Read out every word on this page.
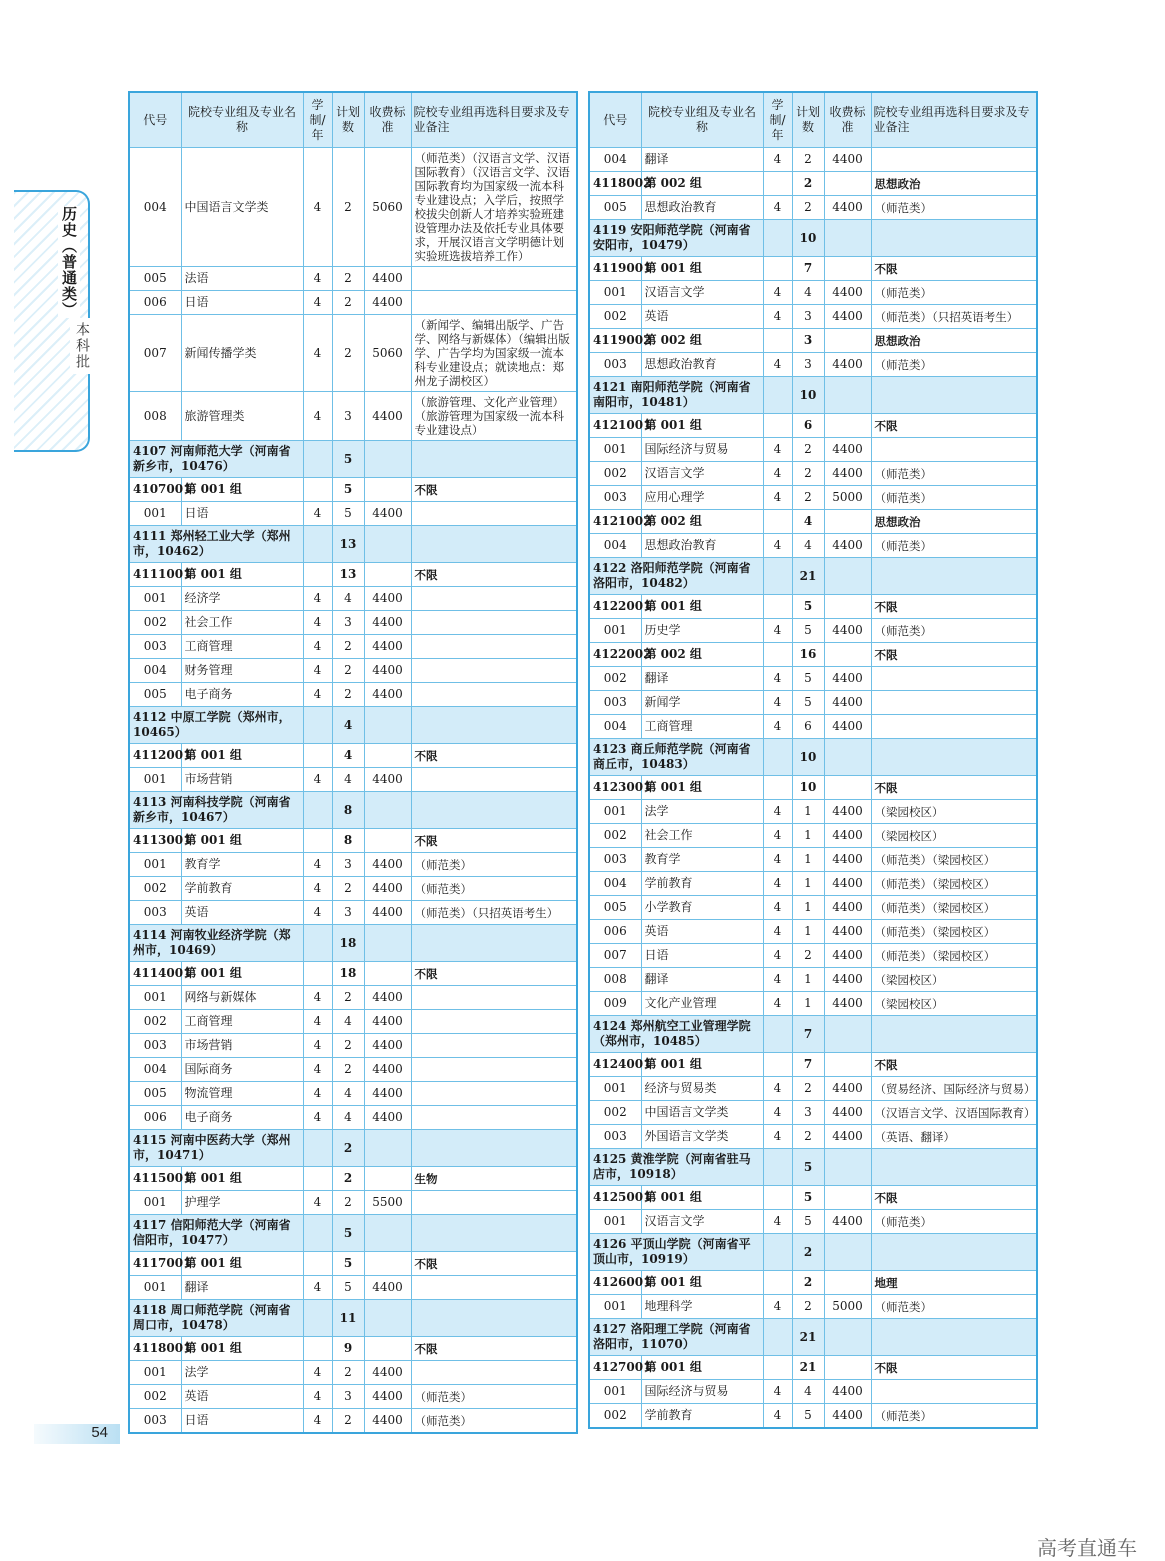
历史（普通类）
本科批
代号	院校专业组及专业名称	学制/年	计划数	收费标准	院校专业组再选科目要求及专业备注
004	中国语言文学类	4	2	5060	（师范类）（汉语言文学、汉语国际教育）（汉语言文学、汉语国际教育均为国家级一流本科专业建设点；入学后，按照学校拔尖创新人才培养实验班建设管理办法及依托专业具体要求，开展汉语言文学明德计划实验班选拔培养工作）
005	法语	4	2	4400	
006	日语	4	2	4400	
007	新闻传播学类	4	2	5060	（新闻学、编辑出版学、广告学、网络与新媒体）（编辑出版学、广告学均为国家级一流本科专业建设点；就读地点：郑州龙子湖校区）
008	旅游管理类	4	3	4400	（旅游管理、文化产业管理）（旅游管理为国家级一流本科专业建设点）
4107 河南师范大学（河南省新乡市，10476）			5		
4107001	第 001 组		5		不限
001	日语	4	5	4400	
4111 郑州轻工业大学（郑州市，10462）			13		
4111001	第 001 组		13		不限
001	经济学	4	4	4400	
002	社会工作	4	3	4400	
003	工商管理	4	2	4400	
004	财务管理	4	2	4400	
005	电子商务	4	2	4400	
4112 中原工学院（郑州市，10465）			4		
4112001	第 001 组		4		不限
001	市场营销	4	4	4400	
4113 河南科技学院（河南省新乡市，10467）			8		
4113001	第 001 组		8		不限
001	教育学	4	3	4400	（师范类）
002	学前教育	4	2	4400	（师范类）
003	英语	4	3	4400	（师范类）（只招英语考生）
4114 河南牧业经济学院（郑州市，10469）			18		
4114001	第 001 组		18		不限
001	网络与新媒体	4	2	4400	
002	工商管理	4	4	4400	
003	市场营销	4	2	4400	
004	国际商务	4	2	4400	
005	物流管理	4	4	4400	
006	电子商务	4	4	4400	
4115 河南中医药大学（郑州市，10471）			2		
4115001	第 001 组		2		生物
001	护理学	4	2	5500	
4117 信阳师范大学（河南省信阳市，10477）			5		
4117001	第 001 组		5		不限
001	翻译	4	5	4400	
4118 周口师范学院（河南省周口市，10478）			11		
4118001	第 001 组		9		不限
001	法学	4	2	4400	
002	英语	4	3	4400	（师范类）
003	日语	4	2	4400	（师范类）
代号	院校专业组及专业名称	学制/年	计划数	收费标准	院校专业组再选科目要求及专业备注
004	翻译	4	2	4400	
4118002	第 002 组		2		思想政治
005	思想政治教育	4	2	4400	（师范类）
4119 安阳师范学院（河南省安阳市，10479）			10		
4119001	第 001 组		7		不限
001	汉语言文学	4	4	4400	（师范类）
002	英语	4	3	4400	（师范类）（只招英语考生）
4119002	第 002 组		3		思想政治
003	思想政治教育	4	3	4400	（师范类）
4121 南阳师范学院（河南省南阳市，10481）			10		
4121001	第 001 组		6		不限
001	国际经济与贸易	4	2	4400	
002	汉语言文学	4	2	4400	（师范类）
003	应用心理学	4	2	5000	（师范类）
4121002	第 002 组		4		思想政治
004	思想政治教育	4	4	4400	（师范类）
4122 洛阳师范学院（河南省洛阳市，10482）			21		
4122001	第 001 组		5		不限
001	历史学	4	5	4400	（师范类）
4122002	第 002 组		16		不限
002	翻译	4	5	4400	
003	新闻学	4	5	4400	
004	工商管理	4	6	4400	
4123 商丘师范学院（河南省商丘市，10483）			10		
4123001	第 001 组		10		不限
001	法学	4	1	4400	（梁园校区）
002	社会工作	4	1	4400	（梁园校区）
003	教育学	4	1	4400	（师范类）（梁园校区）
004	学前教育	4	1	4400	（师范类）（梁园校区）
005	小学教育	4	1	4400	（师范类）（梁园校区）
006	英语	4	1	4400	（师范类）（梁园校区）
007	日语	4	2	4400	（师范类）（梁园校区）
008	翻译	4	1	4400	（梁园校区）
009	文化产业管理	4	1	4400	（梁园校区）
4124 郑州航空工业管理学院（郑州市，10485）			7		
4124001	第 001 组		7		不限
001	经济与贸易类	4	2	4400	（贸易经济、国际经济与贸易）
002	中国语言文学类	4	3	4400	（汉语言文学、汉语国际教育）
003	外国语言文学类	4	2	4400	（英语、翻译）
4125 黄淮学院（河南省驻马店市，10918）			5		
4125001	第 001 组		5		不限
001	汉语言文学	4	5	4400	（师范类）
4126 平顶山学院（河南省平顶山市，10919）			2		
4126001	第 001 组		2		地理
001	地理科学	4	2	5000	（师范类）
4127 洛阳理工学院（河南省洛阳市，11070）			21		
4127001	第 001 组		21		不限
001	国际经济与贸易	4	4	4400	
002	学前教育	4	5	4400	（师范类）
54
高考直通车
